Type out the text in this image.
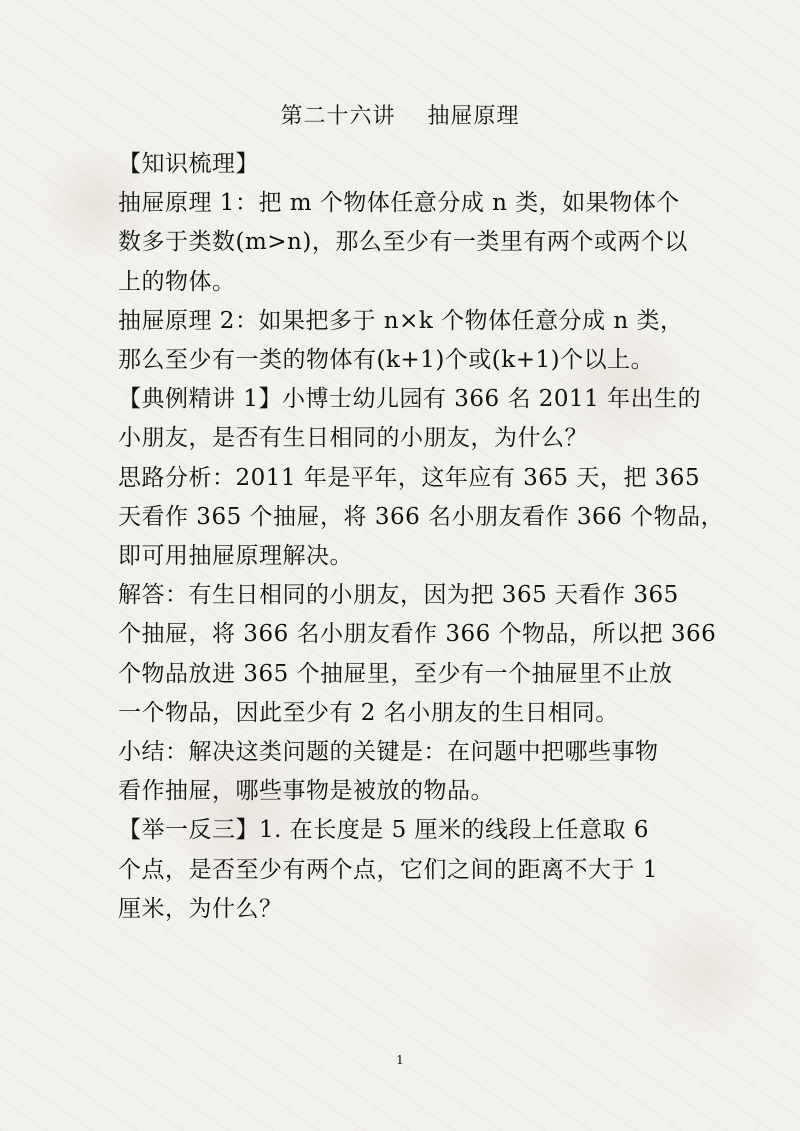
第二十六讲    抽屉原理
【知识梳理】
抽屉原理 1：把 m 个物体任意分成 n 类，如果物体个
数多于类数(m>n)，那么至少有一类里有两个或两个以
上的物体。
抽屉原理 2：如果把多于 n×k 个物体任意分成 n 类，
那么至少有一类的物体有(k+1)个或(k+1)个以上。
【典例精讲 1】小博士幼儿园有 366 名 2011 年出生的
小朋友，是否有生日相同的小朋友，为什么？
思路分析：2011 年是平年，这年应有 365 天，把 365
天看作 365 个抽屉，将 366 名小朋友看作 366 个物品，
即可用抽屉原理解决。
解答：有生日相同的小朋友，因为把 365 天看作 365
个抽屉，将 366 名小朋友看作 366 个物品，所以把 366
个物品放进 365 个抽屉里，至少有一个抽屉里不止放
一个物品，因此至少有 2 名小朋友的生日相同。
小结：解决这类问题的关键是：在问题中把哪些事物
看作抽屉，哪些事物是被放的物品。
【举一反三】1. 在长度是 5 厘米的线段上任意取 6
个点，是否至少有两个点，它们之间的距离不大于 1
厘米，为什么？
1
